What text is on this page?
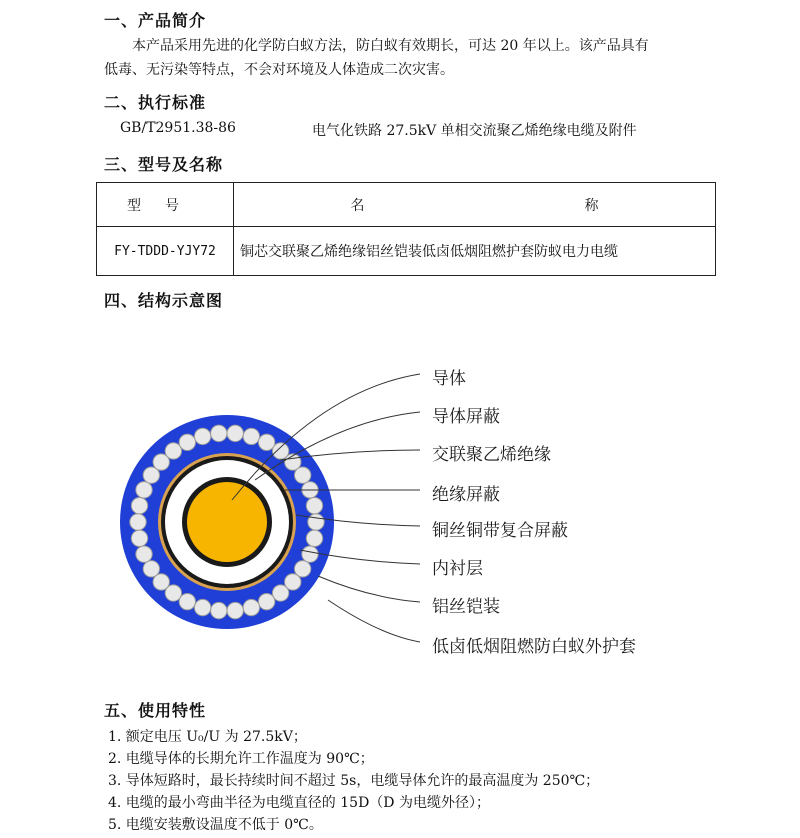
一、产品简介
本产品采用先进的化学防白蚁方法，防白蚁有效期长，可达 20 年以上。该产品具有
低毒、无污染等特点，不会对环境及人体造成二次灾害。
二、执行标准
GB/T2951.38-86	电气化铁路 27.5kV 单相交流聚乙烯绝缘电缆及附件
三、型号及名称
型号	名 称
FY-TDDD-YJY72	铜芯交联聚乙烯绝缘铝丝铠装低卤低烟阻燃护套防蚁电力电缆
四、结构示意图
导体
导体屏蔽
交联聚乙烯绝缘
绝缘屏蔽
铜丝铜带复合屏蔽
内衬层
铝丝铠装
低卤低烟阻燃防白蚁外护套
五、使用特性
1. 额定电压 U₀/U 为 27.5kV；
2. 电缆导体的长期允许工作温度为 90℃；
3. 导体短路时，最长持续时间不超过 5s，电缆导体允许的最高温度为 250℃；
4. 电缆的最小弯曲半径为电缆直径的 15D（D 为电缆外径）；
5. 电缆安装敷设温度不低于 0℃。
